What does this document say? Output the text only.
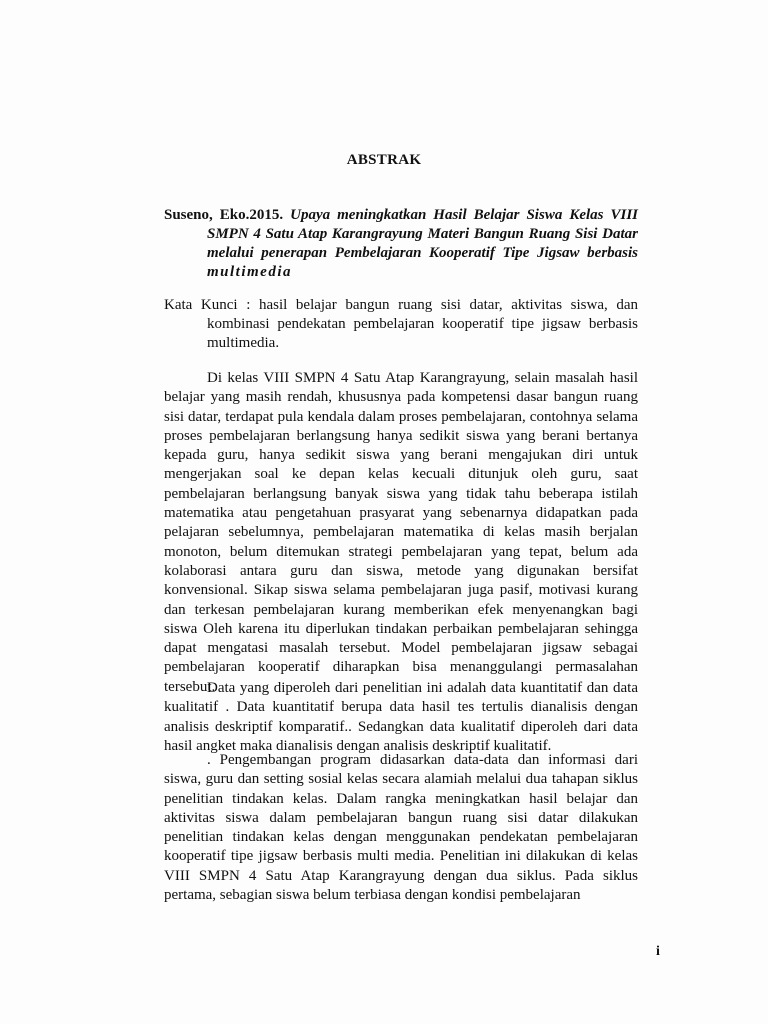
ABSTRAK
Suseno, Eko.2015. Upaya meningkatkan Hasil Belajar Siswa Kelas VIII SMPN 4 Satu Atap Karangrayung Materi Bangun Ruang Sisi Datar melalui penerapan Pembelajaran Kooperatif Tipe Jigsaw berbasis multimedia
Kata Kunci : hasil belajar bangun ruang sisi datar, aktivitas siswa, dan kombinasi pendekatan pembelajaran kooperatif tipe jigsaw berbasis multimedia.
Di kelas VIII SMPN 4 Satu Atap Karangrayung, selain masalah hasil belajar yang masih rendah, khususnya pada kompetensi dasar bangun ruang sisi datar, terdapat pula kendala dalam proses pembelajaran, contohnya selama proses pembelajaran berlangsung hanya sedikit siswa yang berani bertanya kepada guru, hanya sedikit siswa yang berani mengajukan diri untuk mengerjakan soal ke depan kelas kecuali ditunjuk oleh guru, saat pembelajaran berlangsung banyak siswa yang tidak tahu beberapa istilah matematika atau pengetahuan prasyarat yang sebenarnya didapatkan pada pelajaran sebelumnya, pembelajaran matematika di kelas masih berjalan monoton, belum ditemukan strategi pembelajaran yang tepat, belum ada kolaborasi antara guru dan siswa, metode yang digunakan bersifat konvensional. Sikap siswa selama pembelajaran juga pasif, motivasi kurang dan terkesan pembelajaran kurang memberikan efek menyenangkan bagi siswa Oleh karena itu diperlukan tindakan perbaikan pembelajaran sehingga dapat mengatasi masalah tersebut. Model pembelajaran jigsaw sebagai pembelajaran kooperatif diharapkan bisa menanggulangi permasalahan tersebut.
Data yang diperoleh dari penelitian ini adalah data kuantitatif dan data kualitatif . Data kuantitatif berupa data hasil tes tertulis dianalisis dengan analisis deskriptif komparatif.. Sedangkan data kualitatif diperoleh dari data hasil angket maka dianalisis dengan analisis deskriptif kualitatif.
. Pengembangan program didasarkan data-data dan informasi dari siswa, guru dan setting sosial kelas secara alamiah melalui dua tahapan siklus penelitian tindakan kelas. Dalam rangka meningkatkan hasil belajar dan aktivitas siswa dalam pembelajaran bangun ruang sisi datar dilakukan penelitian tindakan kelas dengan menggunakan pendekatan pembelajaran kooperatif tipe jigsaw berbasis multi media. Penelitian ini dilakukan di kelas VIII SMPN 4 Satu Atap Karangrayung dengan dua siklus. Pada siklus pertama, sebagian siswa belum terbiasa dengan kondisi pembelajaran
i
